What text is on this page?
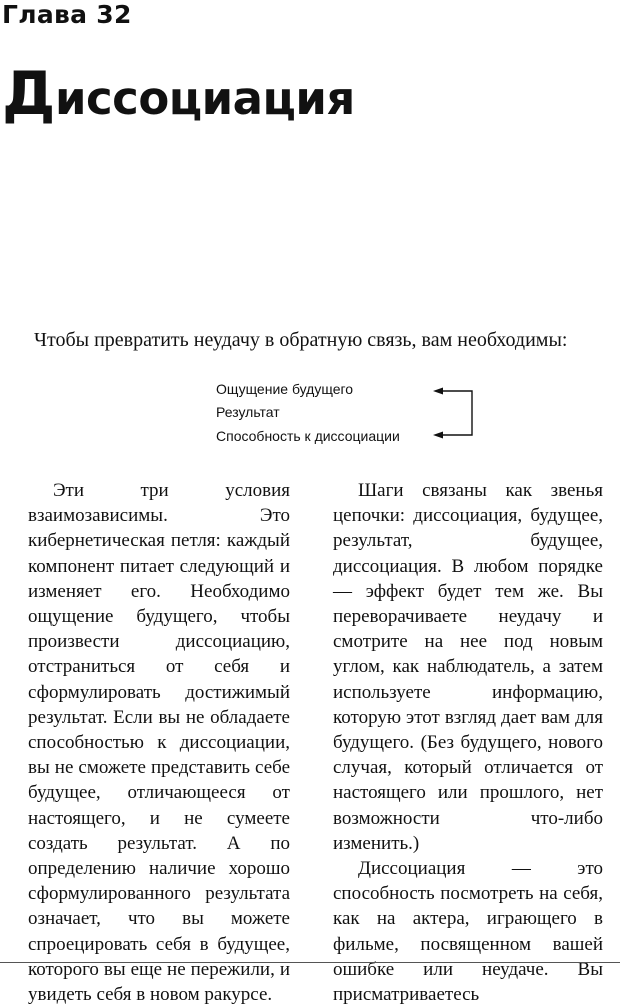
Глава 32
Диссоциация

Чтобы превратить неудачу в обратную связь, вам необходимы:

Ощущение будущего
Результат
Способность к диссоциации

Эти три условия взаимозависимы. Это кибернетическая петля: каждый компонент питает следующий и изменяет его. Необходимо ощущение будущего, чтобы произвести диссоциацию, отстраниться от себя и сформулировать достижимый результат. Если вы не обладаете способностью к диссоциации, вы не сможете представить себе будущее, отличающееся от настоящего, и не сумеете создать результат. А по определению наличие хорошо сформулированного результата означает, что вы можете спроецировать себя в будущее, которого вы еще не пережили, и увидеть себя в новом ракурсе.

Шаги связаны как звенья цепочки: диссоциация, будущее, результат, будущее, диссоциация. В любом порядке — эффект будет тем же. Вы переворачиваете неудачу и смотрите на нее под новым углом, как наблюдатель, а затем используете информацию, которую этот взгляд дает вам для будущего. (Без будущего, нового случая, который отличается от настоящего или прошлого, нет возможности что-либо изменить.)

Диссоциация — это способность посмотреть на себя, как на актера, играющего в фильме, посвященном вашей ошибке или неудаче. Вы присматриваетесь
